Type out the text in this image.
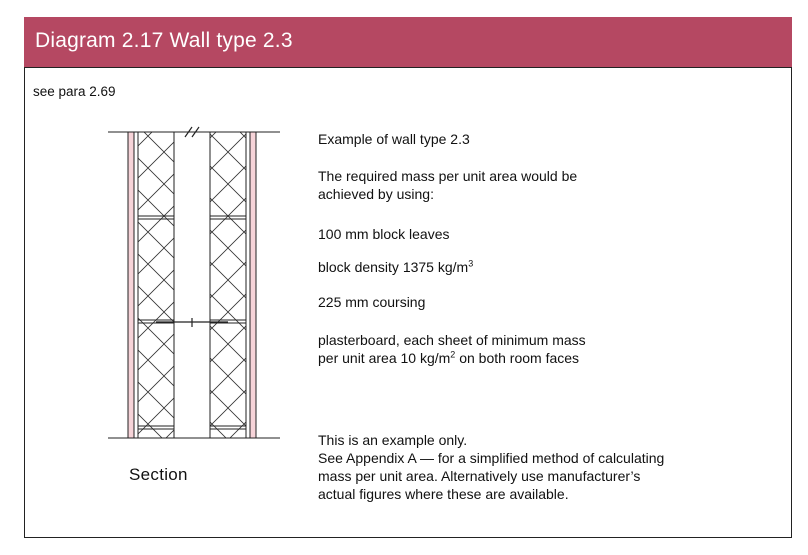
Diagram 2.17 Wall type 2.3
see para 2.69
Section

Example of wall type 2.3

The required mass per unit area would be
achieved by using:

100 mm block leaves

block density 1375 $kg/m^3$

225 mm coursing

plasterboard, each sheet of minimum mass
per unit area 10 $kg/m^2$ on both room faces

This is an example only.
See Appendix A — for a simplified method of calculating
mass per unit area. Alternatively use manufacturer’s
actual figures where these are available.
